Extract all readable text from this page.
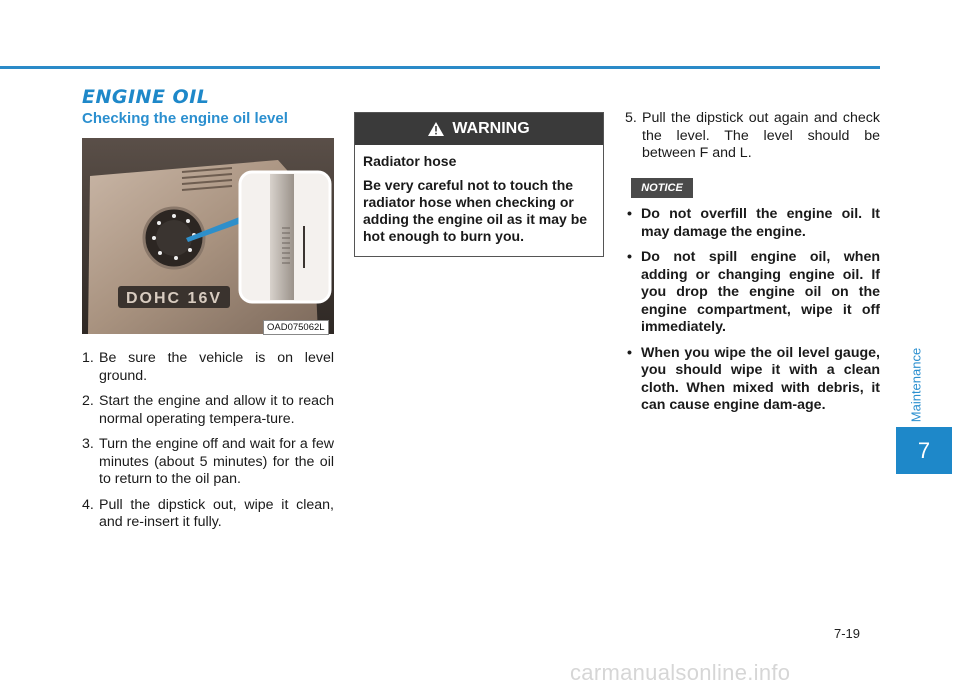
ENGINE OIL
Checking the engine oil level
DOHC 16V
OAD075062L
1. Be sure the vehicle is on level ground.
2. Start the engine and allow it to reach normal operating tempera-ture.
3. Turn the engine off and wait for a few minutes (about 5 minutes) for the oil to return to the oil pan.
4. Pull the dipstick out, wipe it clean, and re-insert it fully.
WARNING
Radiator hose
Be very careful not to touch the radiator hose when checking or adding the engine oil as it may be hot enough to burn you.
5. Pull the dipstick out again and check the level. The level should be between F and L.
NOTICE
• Do not overfill the engine oil. It may damage the engine.
• Do not spill engine oil, when adding or changing engine oil. If you drop the engine oil on the engine compartment, wipe it off immediately.
• When you wipe the oil level gauge, you should wipe it with a clean cloth. When mixed with debris, it can cause engine dam-age.	Maintenance
7
7-19
carmanualsonline.info
